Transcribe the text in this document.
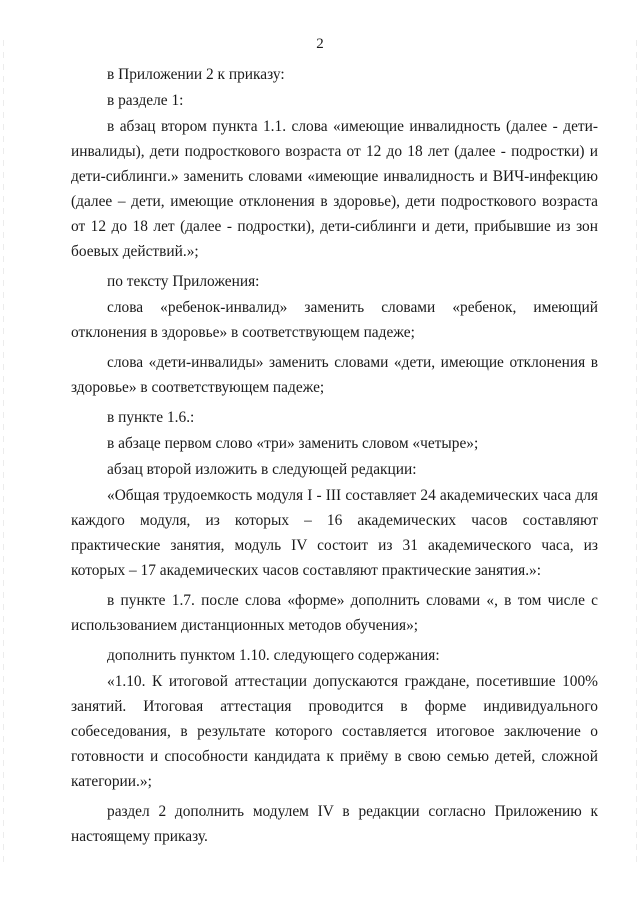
2

в Приложении 2 к приказу:

в разделе 1:

в абзац втором пункта 1.1. слова «имеющие инвалидность (далее - дети-инвалиды), дети подросткового возраста от 12 до 18 лет (далее - подростки) и дети-сиблинги.» заменить словами «имеющие инвалидность и ВИЧ-инфекцию (далее – дети, имеющие отклонения в здоровье), дети подросткового возраста от 12 до 18 лет (далее - подростки), дети-сиблинги и дети, прибывшие из зон боевых действий.»;

по тексту Приложения:

слова «ребенок-инвалид» заменить словами «ребенок, имеющий отклонения в здоровье» в соответствующем падеже;

слова «дети-инвалиды» заменить словами «дети, имеющие отклонения в здоровье» в соответствующем падеже;

в пункте 1.6.:

в абзаце первом слово «три» заменить словом «четыре»;

абзац второй изложить в следующей редакции:

«Общая трудоемкость модуля I - III составляет 24 академических часа для каждого модуля, из которых – 16 академических часов составляют практические занятия, модуль IV состоит из 31 академического часа, из которых – 17 академических часов составляют практические занятия.»:

в пункте 1.7. после слова «форме» дополнить словами «, в том числе с использованием дистанционных методов обучения»;

дополнить пунктом 1.10. следующего содержания:

«1.10. К итоговой аттестации допускаются граждане, посетившие 100% занятий. Итоговая аттестация проводится в форме индивидуального собеседования, в результате которого составляется итоговое заключение о готовности и способности кандидата к приёму в свою семью детей, сложной категории.»;

раздел 2 дополнить модулем IV в редакции согласно Приложению к настоящему приказу.
